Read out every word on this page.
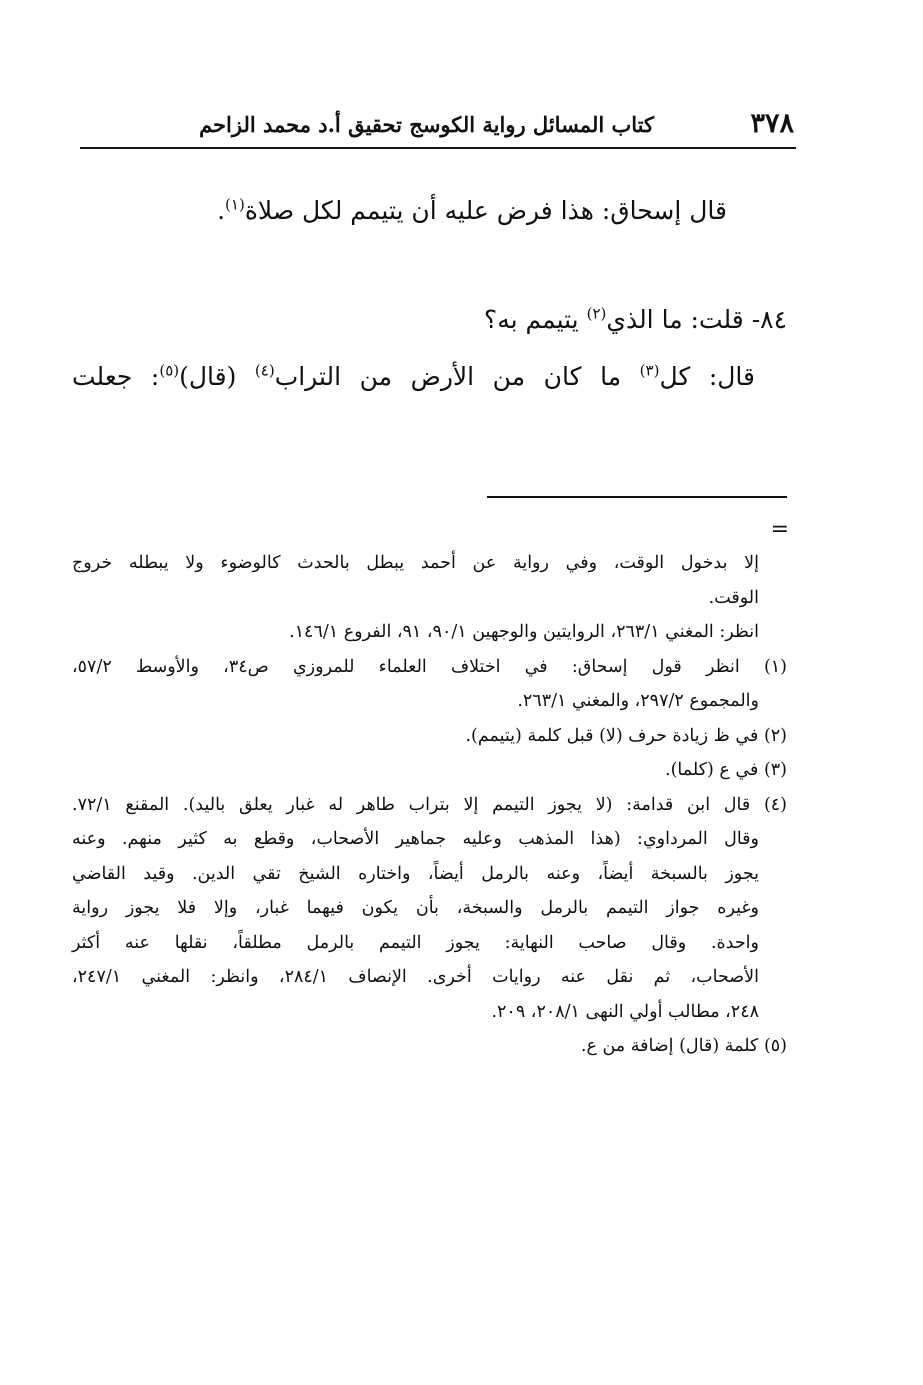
٣٧٨
كتاب المسائل رواية الكوسج تحقيق أ.د محمد الزاحم
قال إسحاق: هذا فرض عليه أن يتيمم لكل صلاة$^{(١)}$.
٨٤- قلت: ما الذي$^{(٢)}$ يتيمم به؟
قال: كل$^{(٣)}$ ما كان من الأرض من التراب$^{(٤)}$ (قال)$^{(٥)}$: جعلت
=
إلا بدخول الوقت، وفي رواية عن أحمد يبطل بالحدث كالوضوء ولا يبطله خروج
الوقت.
انظر: المغني ٢٦٣/١، الروايتين والوجهين ٩٠/١، ٩١، الفروع ١٤٦/١.
(١) انظر قول إسحاق: في اختلاف العلماء للمروزي ص٣٤، والأوسط ٥٧/٢،
والمجموع ٢٩٧/٢، والمغني ٢٦٣/١.
(٢) في ظ زيادة حرف (لا) قبل كلمة (يتيمم).
(٣) في ع (كلما).
(٤) قال ابن قدامة: (لا يجوز التيمم إلا بتراب طاهر له غبار يعلق باليد). المقنع ٧٢/١.
وقال المرداوي: (هذا المذهب وعليه جماهير الأصحاب، وقطع به كثير منهم. وعنه
يجوز بالسبخة أيضاً، وعنه بالرمل أيضاً، واختاره الشيخ تقي الدين. وقيد القاضي
وغيره جواز التيمم بالرمل والسبخة، بأن يكون فيهما غبار، وإلا فلا يجوز رواية
واحدة. وقال صاحب النهاية: يجوز التيمم بالرمل مطلقاً، نقلها عنه أكثر
الأصحاب، ثم نقل عنه روايات أخرى. الإنصاف ٢٨٤/١، وانظر: المغني ٢٤٧/١،
٢٤٨، مطالب أولي النهى ٢٠٨/١، ٢٠٩.
(٥) كلمة (قال) إضافة من ع.
